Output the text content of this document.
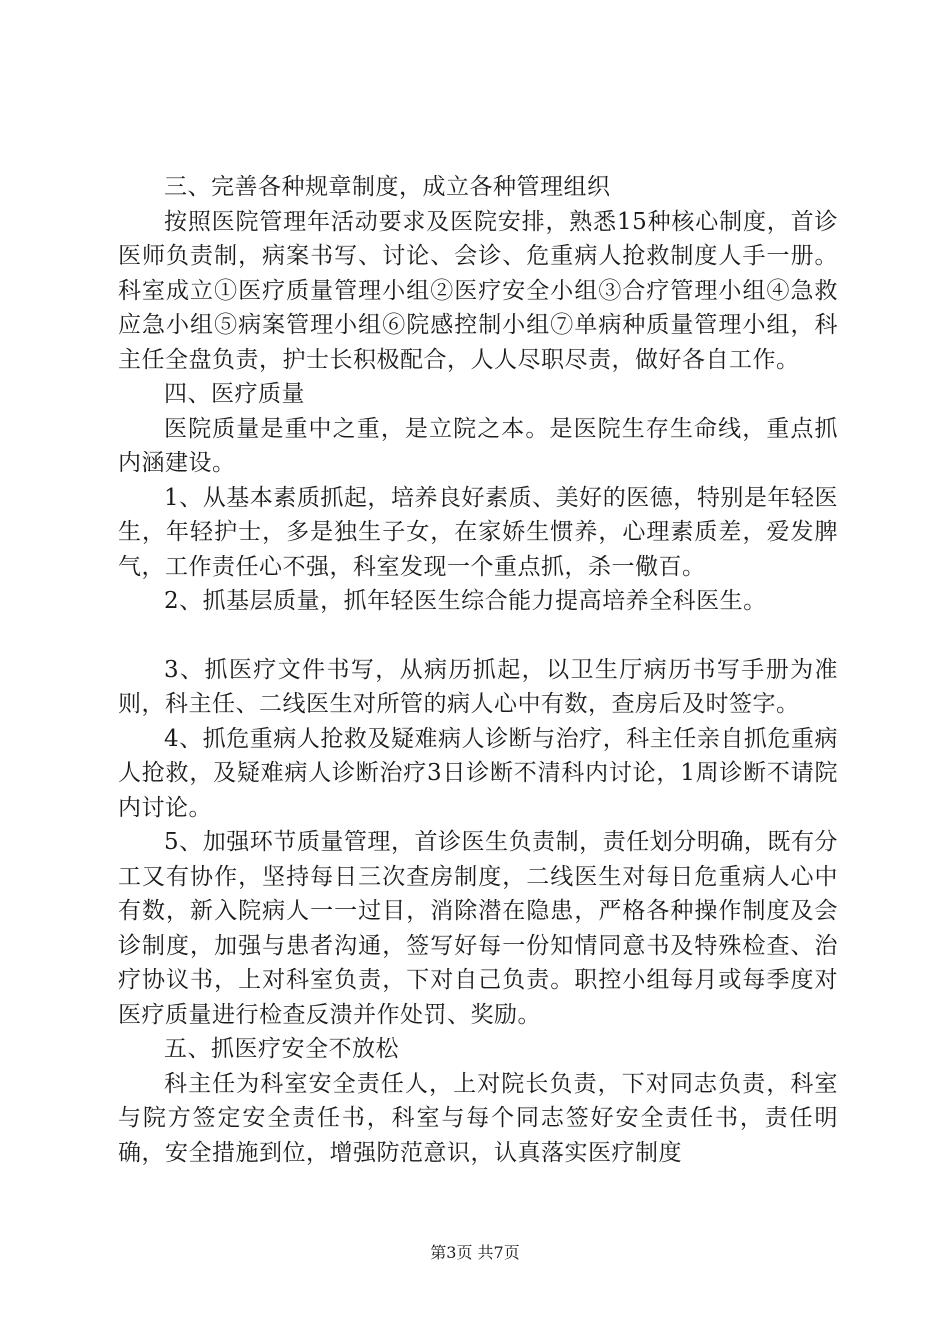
三、完善各种规章制度，成立各种管理组织

按照医院管理年活动要求及医院安排，熟悉15种核心制度，首诊医师负责制，病案书写、讨论、会诊、危重病人抢救制度人手一册。科室成立①医疗质量管理小组②医疗安全小组③合疗管理小组④急救应急小组⑤病案管理小组⑥院感控制小组⑦单病种质量管理小组，科主任全盘负责，护士长积极配合，人人尽职尽责，做好各自工作。

四、医疗质量

医院质量是重中之重，是立院之本。是医院生存生命线，重点抓内涵建设。

1、从基本素质抓起，培养良好素质、美好的医德，特别是年轻医生，年轻护士，多是独生子女，在家娇生惯养，心理素质差，爱发脾气，工作责任心不强，科室发现一个重点抓，杀一儆百。

2、抓基层质量，抓年轻医生综合能力提高培养全科医生。

3、抓医疗文件书写，从病历抓起，以卫生厅病历书写手册为准则，科主任、二线医生对所管的病人心中有数，查房后及时签字。

4、抓危重病人抢救及疑难病人诊断与治疗，科主任亲自抓危重病人抢救，及疑难病人诊断治疗3日诊断不清科内讨论，1周诊断不请院内讨论。

5、加强环节质量管理，首诊医生负责制，责任划分明确，既有分工又有协作，坚持每日三次查房制度，二线医生对每日危重病人心中有数，新入院病人一一过目，消除潜在隐患，严格各种操作制度及会诊制度，加强与患者沟通，签写好每一份知情同意书及特殊检查、治疗协议书，上对科室负责，下对自己负责。职控小组每月或每季度对医疗质量进行检查反溃并作处罚、奖励。

五、抓医疗安全不放松

科主任为科室安全责任人，上对院长负责，下对同志负责，科室与院方签定安全责任书，科室与每个同志签好安全责任书，责任明确，安全措施到位，增强防范意识，认真落实医疗制度

第3页 共7页
